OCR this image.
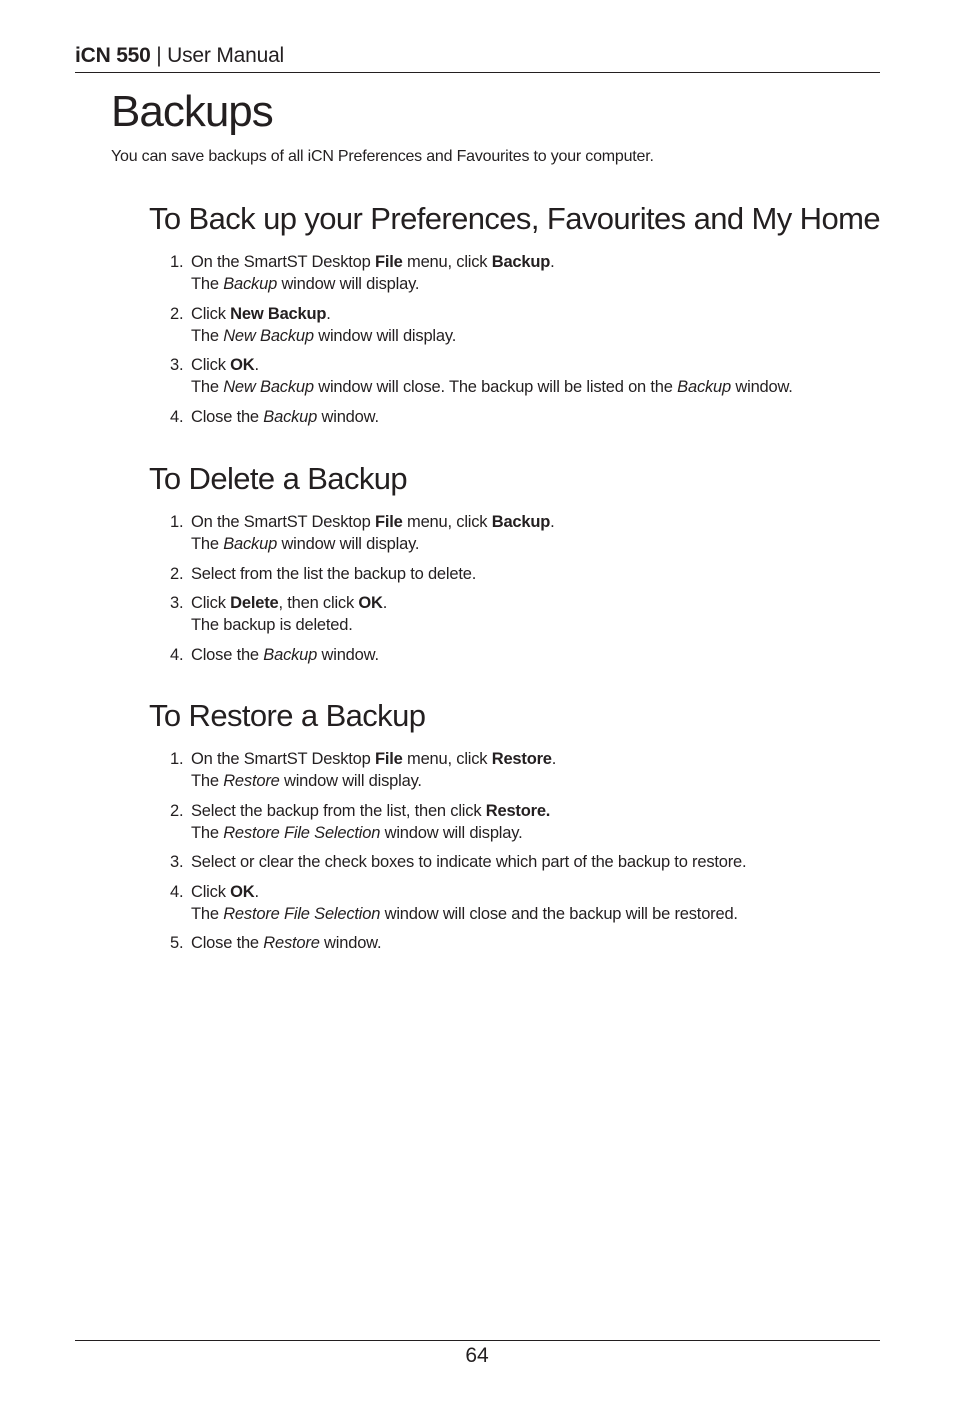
iCN 550 | User Manual
Backups

You can save backups of all iCN Preferences and Favourites to your computer.

To Back up your Preferences, Favourites and My Home
1. On the SmartST Desktop File menu, click Backup.
The Backup window will display.
2. Click New Backup.
The New Backup window will display.
3. Click OK.
The New Backup window will close. The backup will be listed on the Backup window.
4. Close the Backup window.
To Delete a Backup
1. On the SmartST Desktop File menu, click Backup.
The Backup window will display.
2. Select from the list the backup to delete.
3. Click Delete, then click OK.
The backup is deleted.
4. Close the Backup window.
To Restore a Backup
1. On the SmartST Desktop File menu, click Restore.
The Restore window will display.
2. Select the backup from the list, then click Restore.
The Restore File Selection window will display.
3. Select or clear the check boxes to indicate which part of the backup to restore.
4. Click OK.
The Restore File Selection window will close and the backup will be restored.
5. Close the Restore window.
64
